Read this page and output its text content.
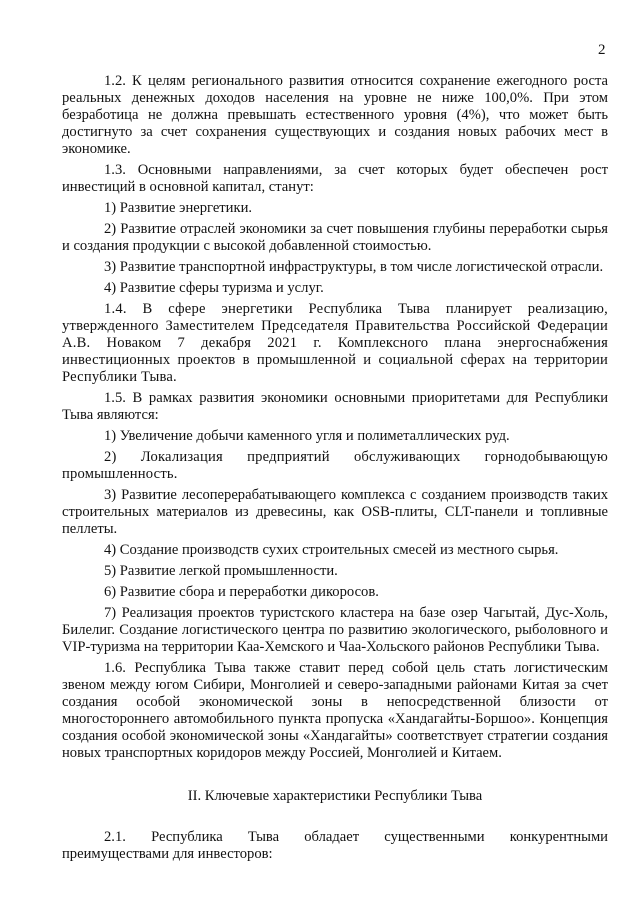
2

1.2. К целям регионального развития относится сохранение ежегодного роста реальных денежных доходов населения на уровне не ниже 100,0%. При этом безработица не должна превышать естественного уровня (4%), что может быть достигнуто за счет сохранения существующих и создания новых рабочих мест в экономике.

1.3. Основными направлениями, за счет которых будет обеспечен рост инвестиций в основной капитал, станут:

1) Развитие энергетики.

2) Развитие отраслей экономики за счет повышения глубины переработки сырья и создания продукции с высокой добавленной стоимостью.

3) Развитие транспортной инфраструктуры, в том числе логистической отрасли.

4) Развитие сферы туризма и услуг.

1.4. В сфере энергетики Республика Тыва планирует реализацию, утвержденного Заместителем Председателя Правительства Российской Федерации А.В. Новаком 7 декабря 2021 г. Комплексного плана энергоснабжения инвестиционных проектов в промышленной и социальной сферах на территории Республики Тыва.

1.5. В рамках развития экономики основными приоритетами для Республики Тыва являются:

1) Увеличение добычи каменного угля и полиметаллических руд.

2) Локализация предприятий обслуживающих горнодобывающую промышленность.

3) Развитие лесоперерабатывающего комплекса с созданием производств таких строительных материалов из древесины, как OSB-плиты, CLT-панели и топливные пеллеты.

4) Создание производств сухих строительных смесей из местного сырья.

5) Развитие легкой промышленности.

6) Развитие сбора и переработки дикоросов.

7) Реализация проектов туристского кластера на базе озер Чагытай, Дус-Холь, Билелиг. Создание логистического центра по развитию экологического, рыболовного и VIP-туризма на территории Каа-Хемского и Чаа-Хольского районов Республики Тыва.

1.6. Республика Тыва также ставит перед собой цель стать логистическим звеном между югом Сибири, Монголией и северо-западными районами Китая за счет создания особой экономической зоны в непосредственной близости от многостороннего автомобильного пункта пропуска «Хандагайты-Боршоо». Концепция создания особой экономической зоны «Хандагайты» соответствует стратегии создания новых транспортных коридоров между Россией, Монголией и Китаем.

II. Ключевые характеристики Республики Тыва

2.1. Республика Тыва обладает существенными конкурентными преимуществами для инвесторов:
